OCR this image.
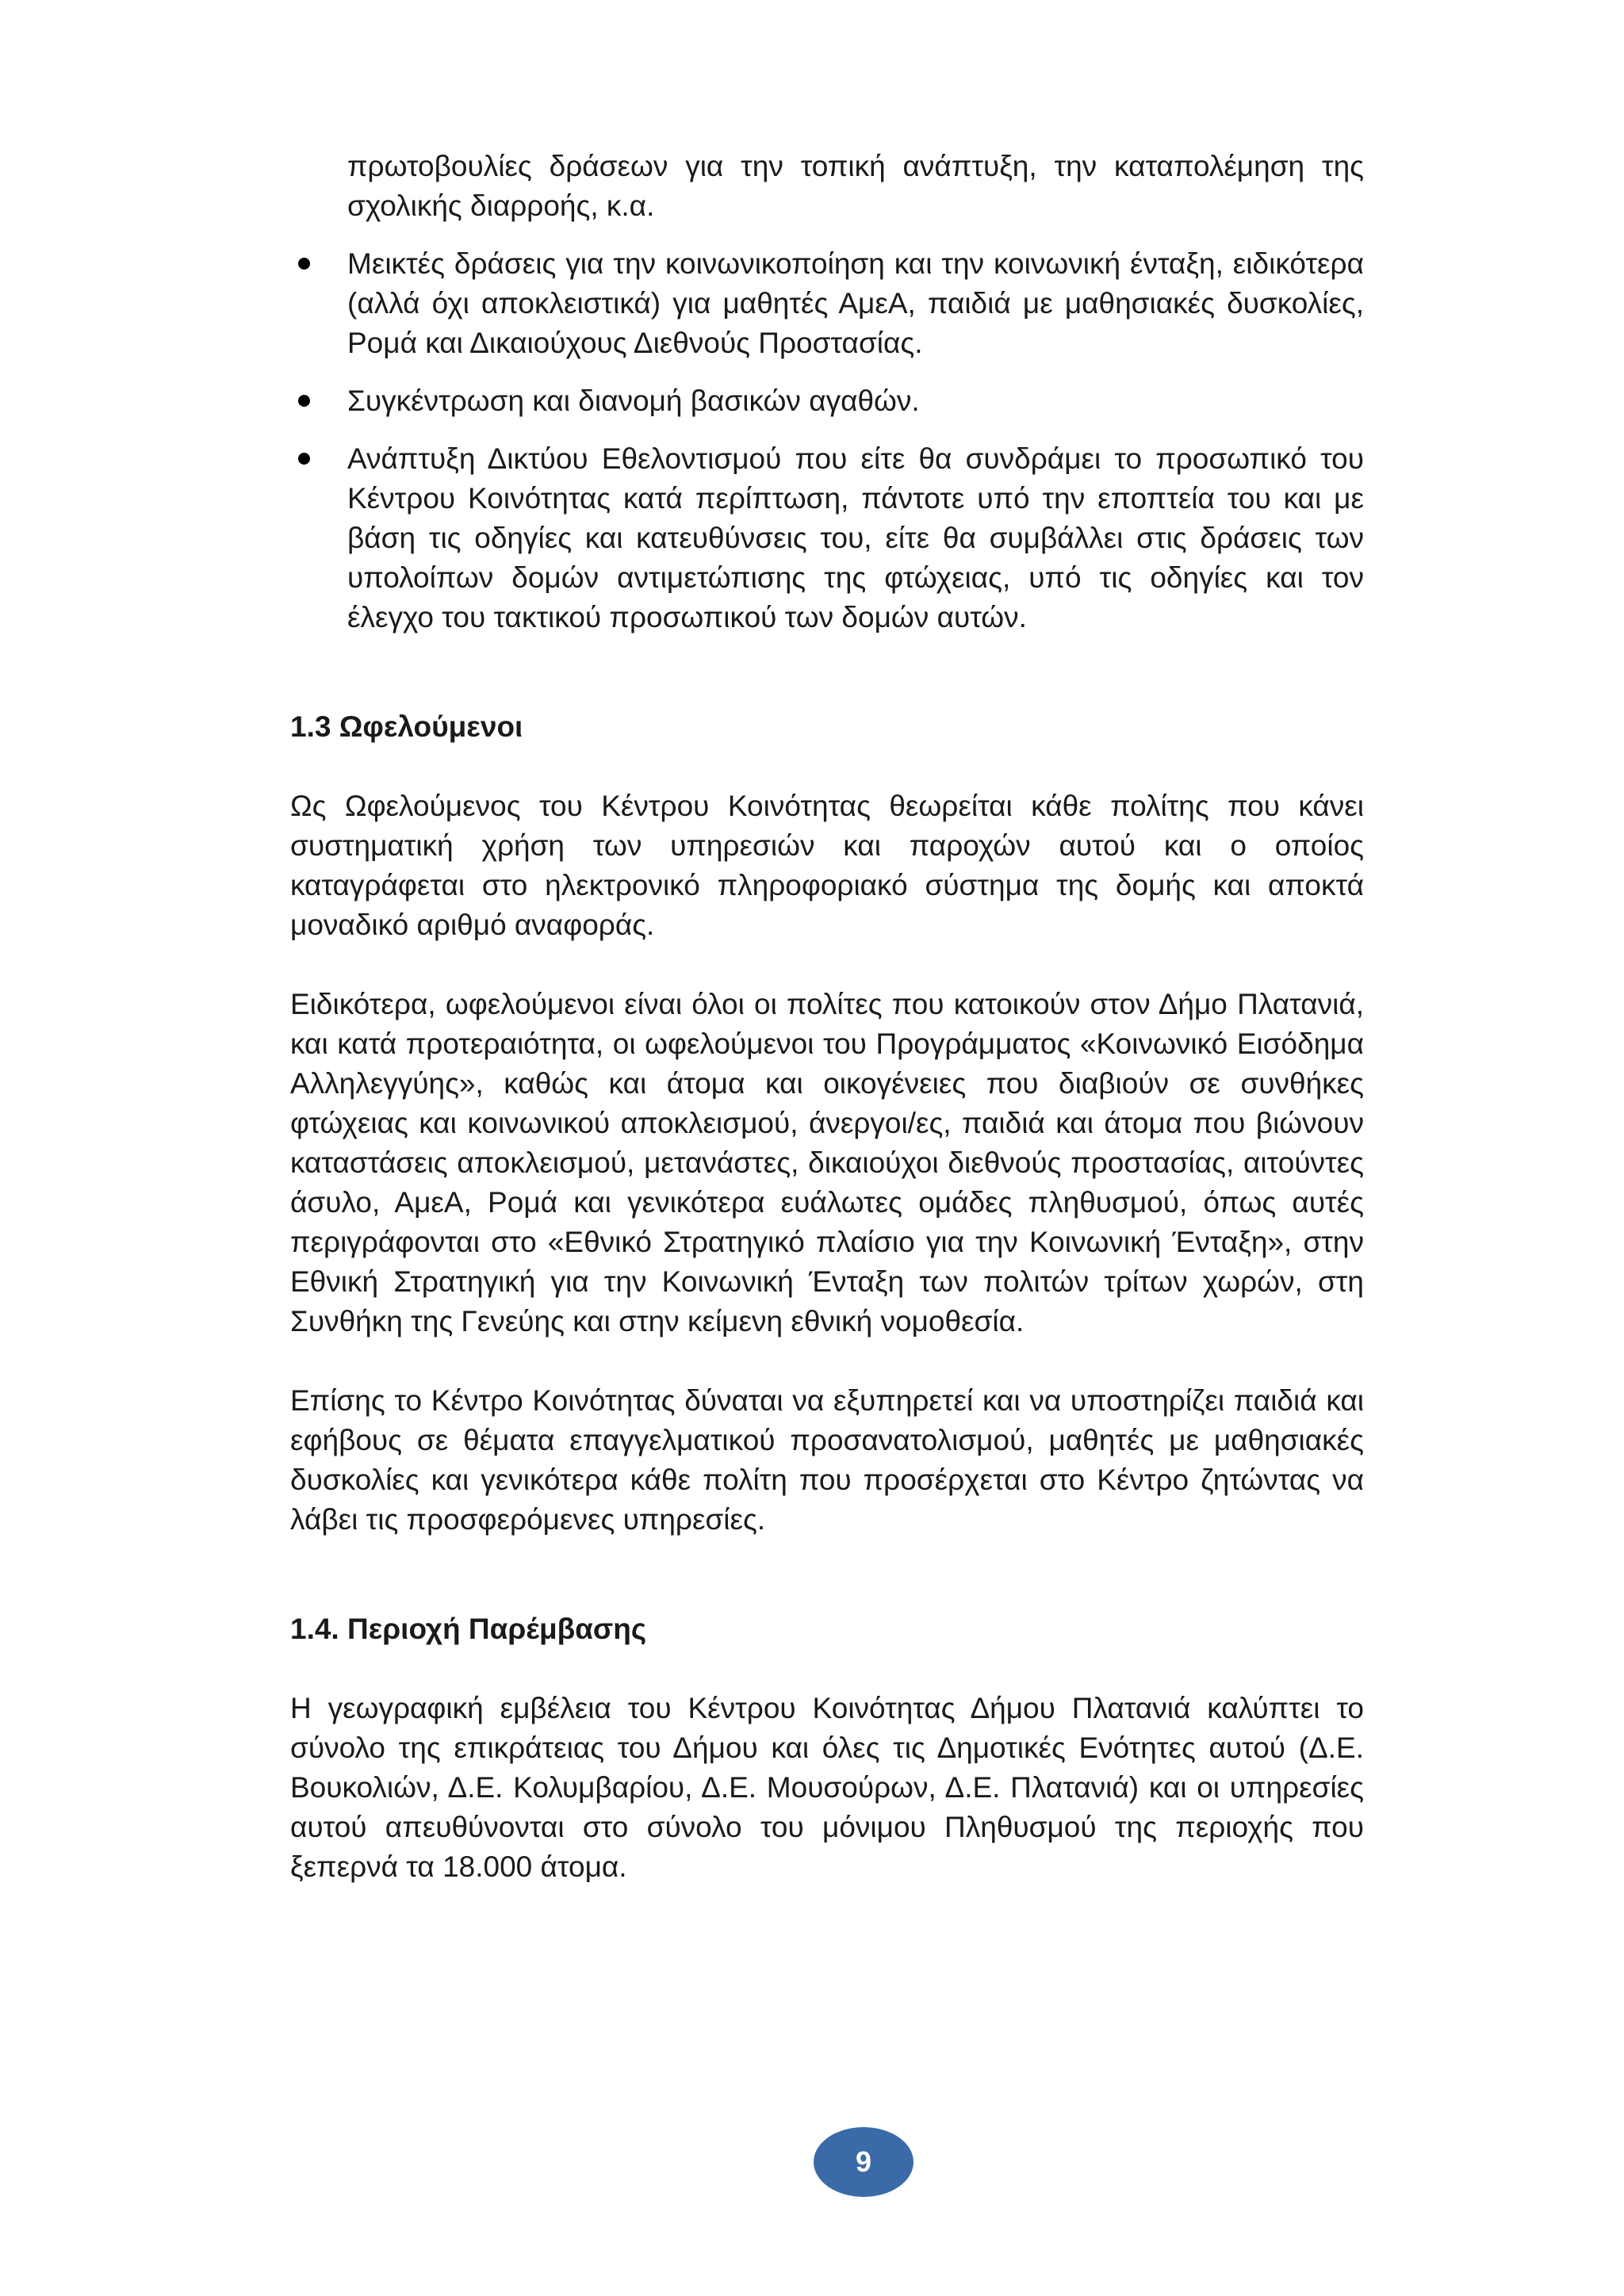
πρωτοβουλίες δράσεων για την τοπική ανάπτυξη, την καταπολέμηση της σχολικής διαρροής, κ.α.

Μεικτές δράσεις για την κοινωνικοποίηση και την κοινωνική ένταξη, ειδικότερα (αλλά όχι αποκλειστικά) για μαθητές ΑμεΑ, παιδιά με μαθησιακές δυσκολίες, Ρομά και Δικαιούχους Διεθνούς Προστασίας.

Συγκέντρωση και διανομή βασικών αγαθών.

Ανάπτυξη Δικτύου Εθελοντισμού που είτε θα συνδράμει το προσωπικό του Κέντρου Κοινότητας κατά περίπτωση, πάντοτε υπό την εποπτεία του και με βάση τις οδηγίες και κατευθύνσεις του, είτε θα συμβάλλει στις δράσεις των υπολοίπων δομών αντιμετώπισης της φτώχειας, υπό τις οδηγίες και τον έλεγχο του τακτικού προσωπικού των δομών αυτών.

1.3 Ωφελούμενοι

Ως Ωφελούμενος του Κέντρου Κοινότητας θεωρείται κάθε πολίτης που κάνει συστηματική χρήση των υπηρεσιών και παροχών αυτού και ο οποίος καταγράφεται στο ηλεκτρονικό πληροφοριακό σύστημα της δομής και αποκτά μοναδικό αριθμό αναφοράς.

Ειδικότερα, ωφελούμενοι είναι όλοι οι πολίτες που κατοικούν στον Δήμο Πλατανιά, και κατά προτεραιότητα, οι ωφελούμενοι του Προγράμματος «Κοινωνικό Εισόδημα Αλληλεγγύης», καθώς και άτομα και οικογένειες που διαβιούν σε συνθήκες φτώχειας και κοινωνικού αποκλεισμού, άνεργοι/ες, παιδιά και άτομα που βιώνουν καταστάσεις αποκλεισμού, μετανάστες, δικαιούχοι διεθνούς προστασίας, αιτούντες άσυλο, ΑμεΑ, Ρομά και γενικότερα ευάλωτες ομάδες πληθυσμού, όπως αυτές περιγράφονται στο «Εθνικό Στρατηγικό πλαίσιο για την Κοινωνική Ένταξη», στην Εθνική Στρατηγική για την Κοινωνική Ένταξη των πολιτών τρίτων χωρών, στη Συνθήκη της Γενεύης και στην κείμενη εθνική νομοθεσία.

Επίσης το Κέντρο Κοινότητας δύναται να εξυπηρετεί και να υποστηρίζει παιδιά και εφήβους σε θέματα επαγγελματικού προσανατολισμού, μαθητές με μαθησιακές δυσκολίες και γενικότερα κάθε πολίτη που προσέρχεται στο Κέντρο ζητώντας να λάβει τις προσφερόμενες υπηρεσίες.

1.4. Περιοχή Παρέμβασης

Η γεωγραφική εμβέλεια του Κέντρου Κοινότητας Δήμου Πλατανιά καλύπτει το σύνολο της επικράτειας του Δήμου και όλες τις Δημοτικές Ενότητες αυτού (Δ.Ε. Βουκολιών, Δ.Ε. Κολυμβαρίου, Δ.Ε. Μουσούρων, Δ.Ε. Πλατανιά) και οι υπηρεσίες αυτού απευθύνονται στο σύνολο του μόνιμου Πληθυσμού της περιοχής που ξεπερνά τα 18.000 άτομα.

9
